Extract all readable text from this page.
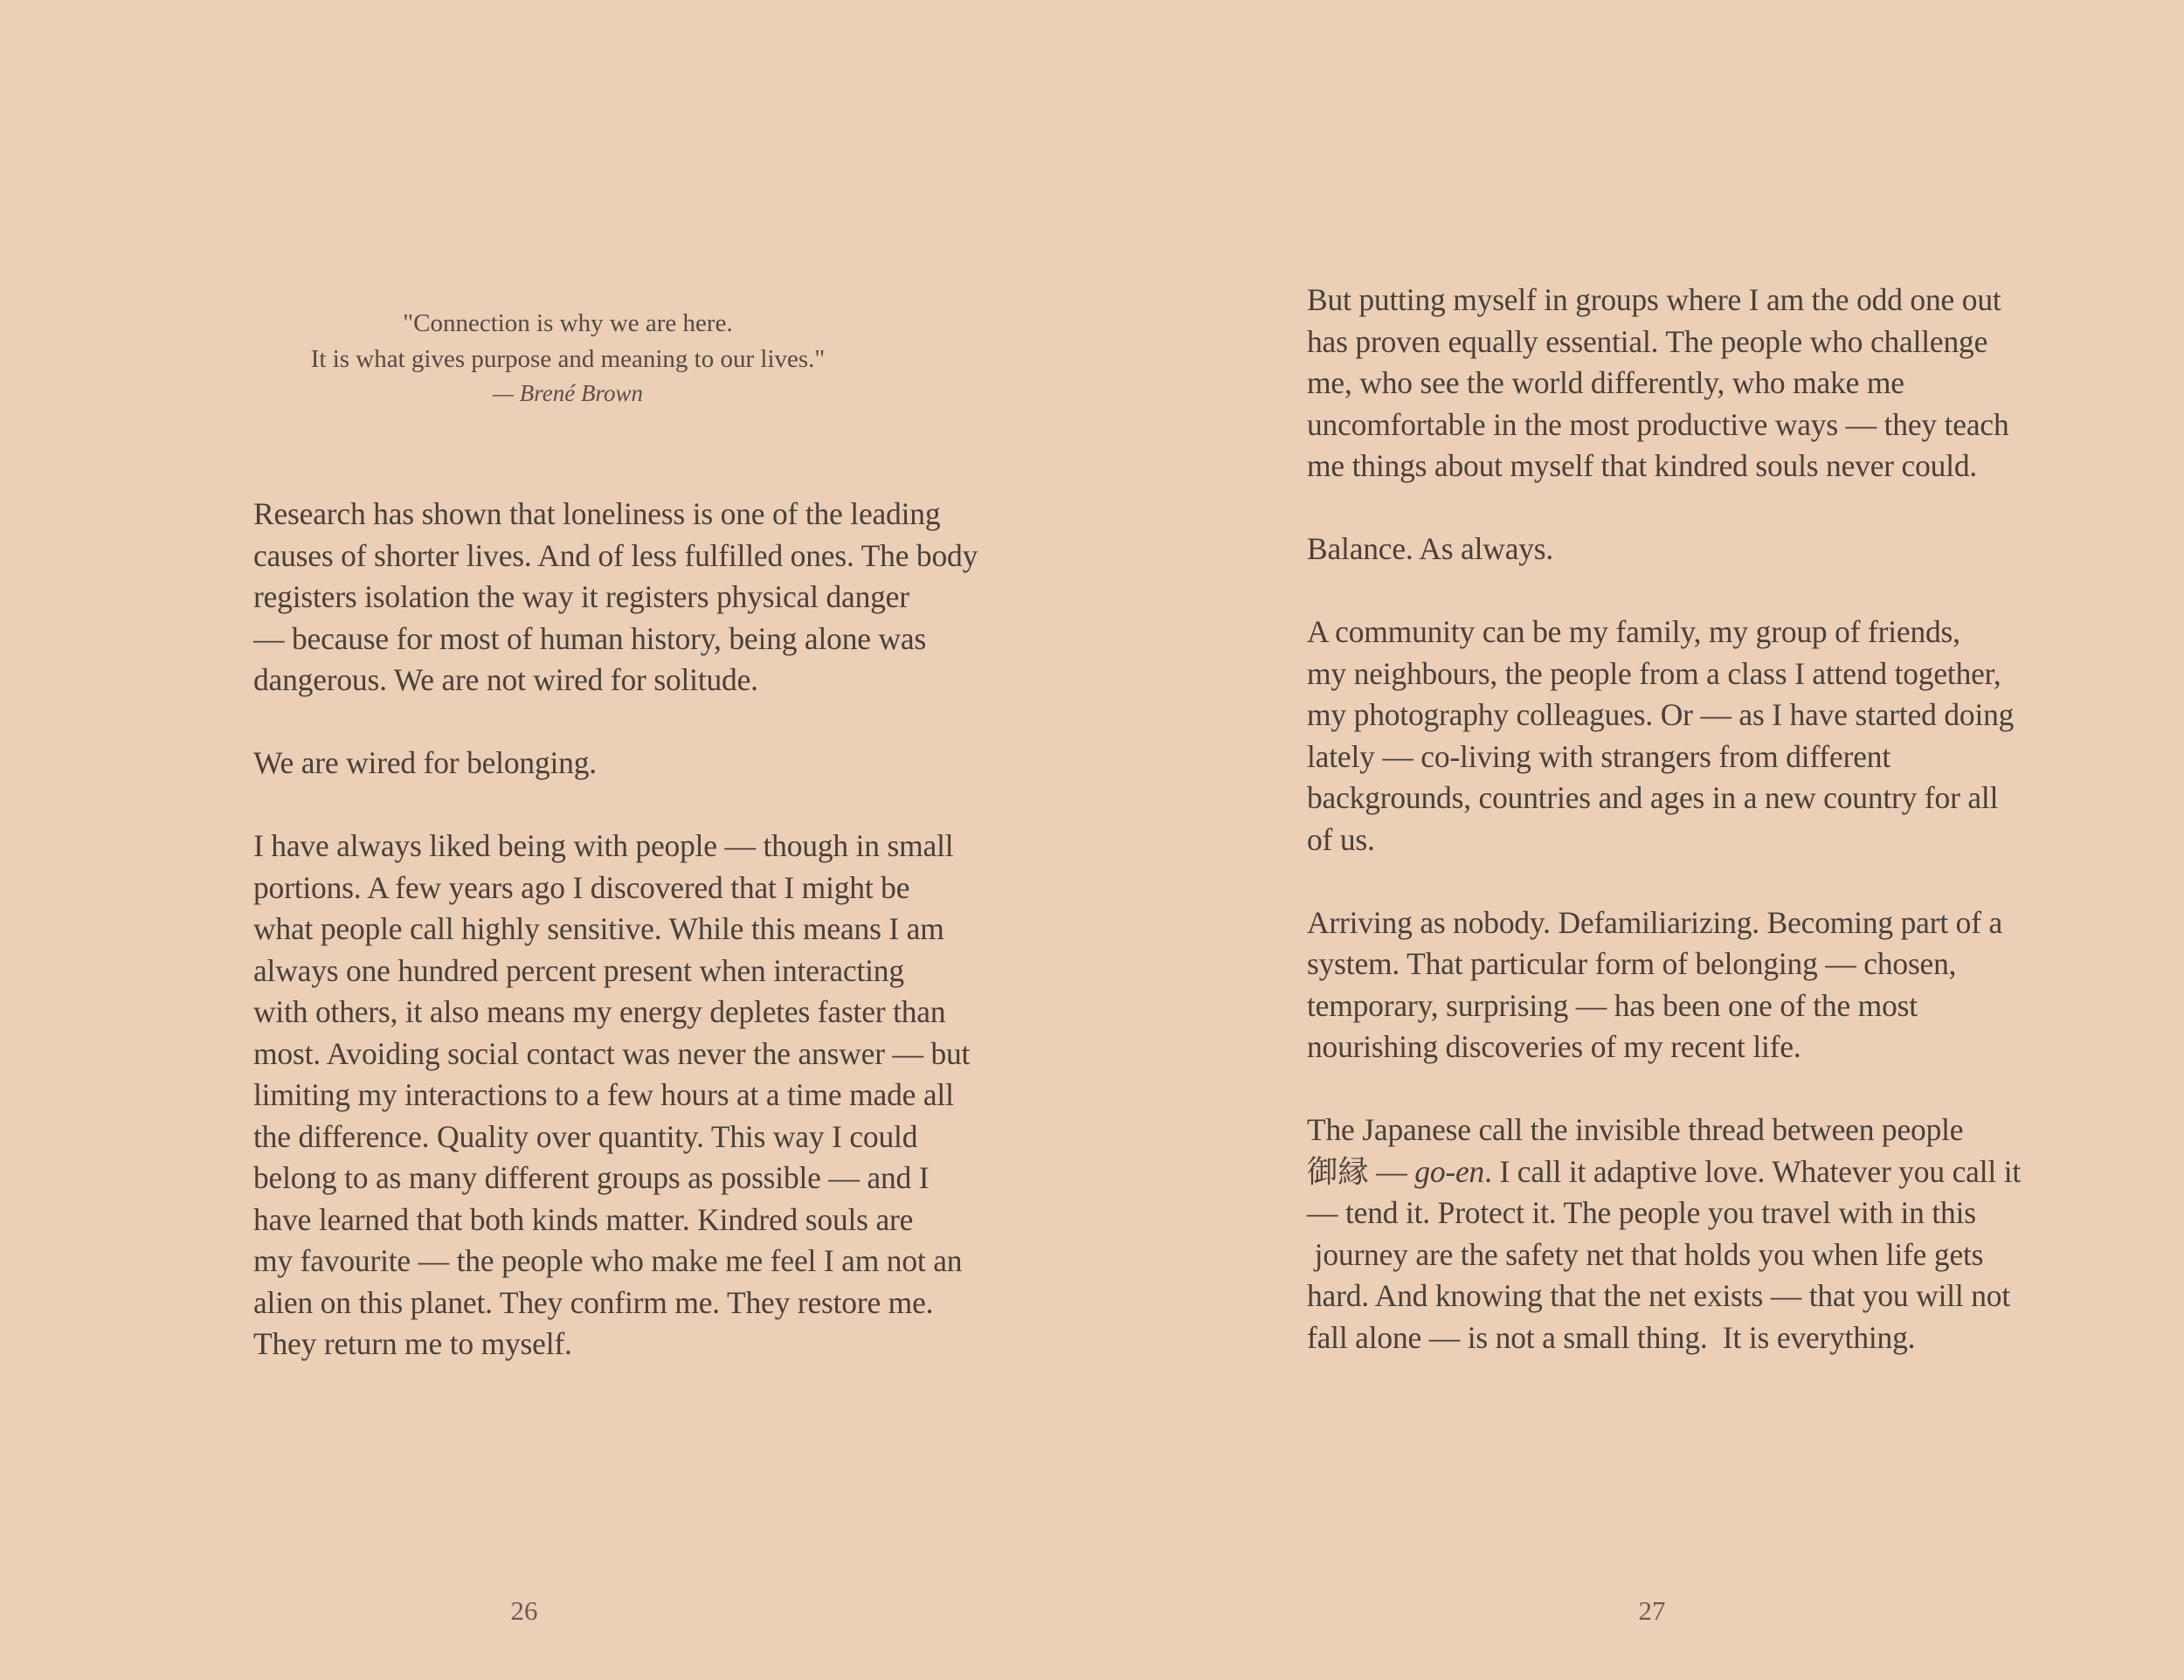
"Connection is why we are here.
It is what gives purpose and meaning to our lives."
— Brené Brown

Research has shown that loneliness is one of the leading
causes of shorter lives. And of less fulfilled ones. The body
registers isolation the way it registers physical danger
— because for most of human history, being alone was
dangerous. We are not wired for solitude.

We are wired for belonging.

I have always liked being with people — though in small
portions. A few years ago I discovered that I might be
what people call highly sensitive. While this means I am
always one hundred percent present when interacting
with others, it also means my energy depletes faster than
most. Avoiding social contact was never the answer — but
limiting my interactions to a few hours at a time made all
the difference. Quality over quantity. This way I could
belong to as many different groups as possible — and I
have learned that both kinds matter. Kindred souls are
my favourite — the people who make me feel I am not an
alien on this planet. They confirm me. They restore me.
They return me to myself.

26

But putting myself in groups where I am the odd one out
has proven equally essential. The people who challenge
me, who see the world differently, who make me
uncomfortable in the most productive ways — they teach
me things about myself that kindred souls never could.

Balance. As always.

A community can be my family, my group of friends,
my neighbours, the people from a class I attend together,
my photography colleagues. Or — as I have started doing
lately — co-living with strangers from different
backgrounds, countries and ages in a new country for all
of us.

Arriving as nobody. Defamiliarizing. Becoming part of a
system. That particular form of belonging — chosen,
temporary, surprising — has been one of the most
nourishing discoveries of my recent life.

The Japanese call the invisible thread between people
御縁 — go-en. I call it adaptive love. Whatever you call it
— tend it. Protect it. The people you travel with in this
journey are the safety net that holds you when life gets
hard. And knowing that the net exists — that you will not
fall alone — is not a small thing.  It is everything.

27
